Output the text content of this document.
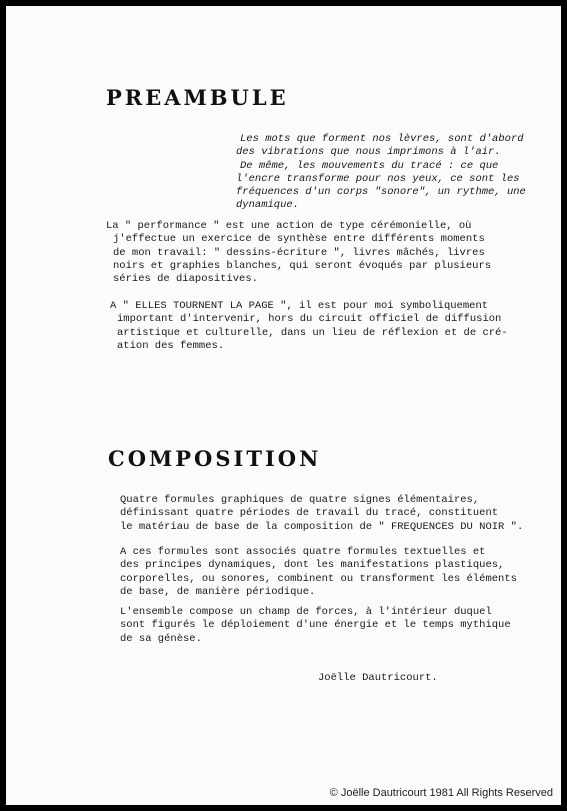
PREAMBULE
Les mots que forment nos lèvres, sont d'abord
des vibrations que nous imprimons à l'air.
De même, les mouvements du tracé : ce que
l'encre transforme pour nos yeux, ce sont les
fréquences d'un corps "sonore", un rythme, une
dynamique.
La " performance " est une action de type cérémonielle, où
j'effectue un exercice de synthèse entre différents moments
de mon travail: " dessins-écriture ", livres mâchés, livres
noirs et graphies blanches, qui seront évoqués par plusieurs
séries de diapositives.
A " ELLES TOURNENT LA PAGE ", il est pour moi symboliquement
important d'intervenir, hors du circuit officiel de diffusion
artistique et culturelle, dans un lieu de réflexion et de cré-
ation des femmes.
COMPOSITION
Quatre formules graphiques de quatre signes élémentaires,
définissant quatre périodes de travail du tracé, constituent
le matériau de base de la composition de " FREQUENCES DU NOIR ".
A ces formules sont associés quatre formules textuelles et
des principes dynamiques, dont les manifestations plastiques,
corporelles, ou sonores, combinent ou transforment les éléments
de base, de manière périodique.
L'ensemble compose un champ de forces, à l'intérieur duquel
sont figurés le déploiement d'une énergie et le temps mythique
de sa génèse.
Joëlle Dautricourt.
© Joëlle Dautricourt 1981 All Rights Reserved
